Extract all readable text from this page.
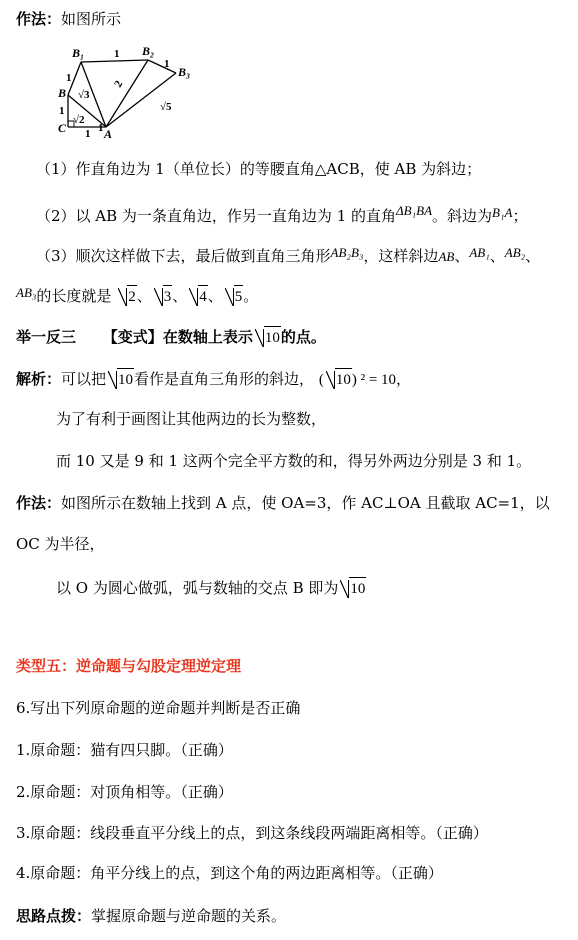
作法：如图所示
B₁	B₂
B₃
B
C	A
1
1
1
1
1
2
√3
√2
√5
1
（1）作直角边为 1（单位长）的等腰直角△ACB，使 AB 为斜边；
（2）以 AB 为一条直角边，作另一直角边为 1 的直角ΔB₁BA。斜边为B₁A；
（3）顺次这样做下去，最后做到直角三角形AB₂B₃，这样斜边AB、AB₁、AB₂、
AB₃的长度就是 2、 3、 4、 5。
举一反三 【变式】在数轴上表示 10的点。
解析：可以把 10看作是直角三角形的斜边， ( 10) ² = 10，
为了有利于画图让其他两边的长为整数，
而 10 又是 9 和 1 这两个完全平方数的和，得另外两边分别是 3 和 1。
作法：如图所示在数轴上找到 A 点，使 OA=3，作 AC⊥OA 且截取 AC=1，以
OC 为半径，
以 O 为圆心做弧，弧与数轴的交点 B 即为 10
类型五：逆命题与勾股定理逆定理
6.写出下列原命题的逆命题并判断是否正确
1.原命题：猫有四只脚。（正确）
2.原命题：对顶角相等。（正确）
3.原命题：线段垂直平分线上的点，到这条线段两端距离相等。（正确）
4.原命题：角平分线上的点，到这个角的两边距离相等。（正确）
思路点拨：掌握原命题与逆命题的关系。
